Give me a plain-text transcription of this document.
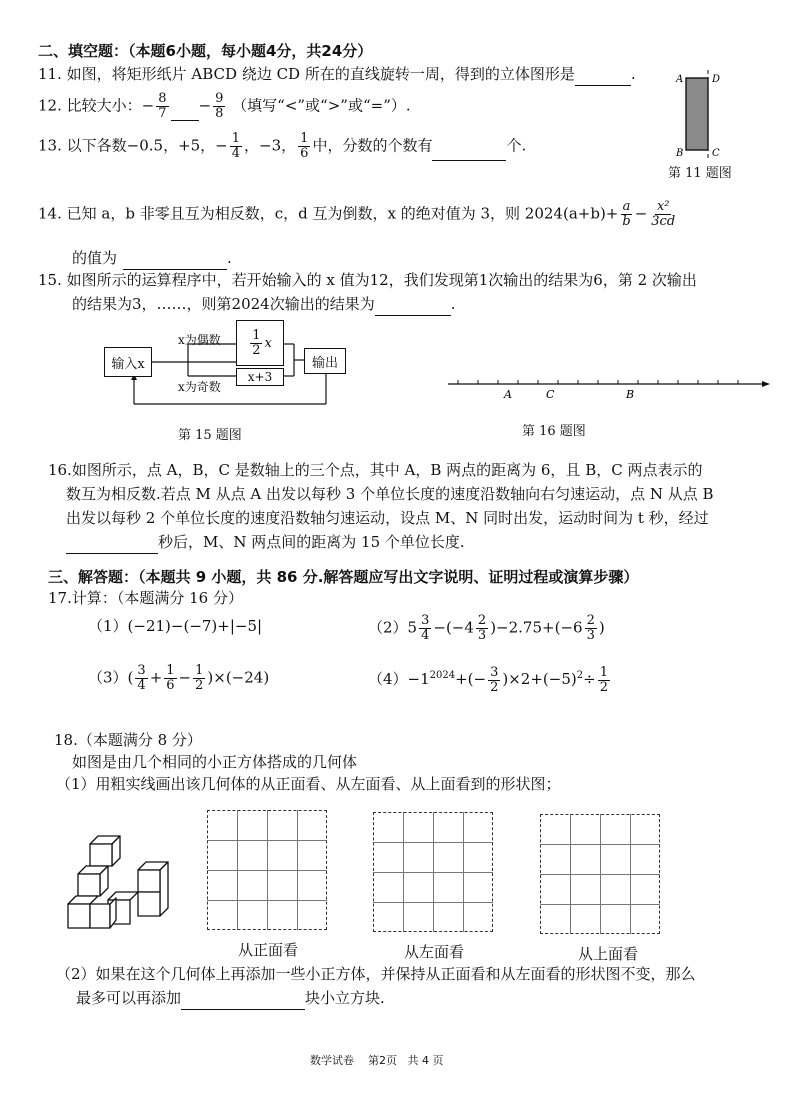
二、填空题：（本题6小题，每小题4分，共24分）
11. 如图，将矩形纸片 ABCD 绕边 CD 所在的直线旋转一周，得到的立体图形是	.	A	D
B	C
第 11 题图
12. 比较大小：− $\frac{8}{7} - \frac{9}{8}$ （填写“<”或“>”或“=”）.
13. 以下各数−0.5，+5，− $\frac{1}{4}$ ，−3， $\frac{1}{6}$ 中，分数的个数有	个.
14. 已知 a，b 非零且互为相反数，c，d 互为倒数，x 的绝对值为 3，则 $2024(a+b)+ \frac{a}{b} - \frac{\text{x²}}{3cd}$
的值为	.
15. 如图所示的运算程序中，若开始输入的 x 值为12，我们发现第1次输出的结果为6，第 2 次输出
的结果为3，……，则第2024次输出的结果为	.
输入x
x为偶数 $\frac{1}{2}$ x
x+3
x为奇数
输出
第 15 题图
A	C	B
第 16 题图
16.如图所示，点 A，B，C 是数轴上的三个点，其中 A，B 两点的距离为 6，且 B，C 两点表示的
数互为相反数.若点 M 从点 A 出发以每秒 3 个单位长度的速度沿数轴向右匀速运动，点 N 从点 B
出发以每秒 2 个单位长度的速度沿数轴匀速运动，设点 M、N 同时出发，运动时间为 t 秒，经过
秒后，M、N 两点间的距离为 15 个单位长度.
三、解答题：（本题共 9 小题，共 86 分.解答题应写出文字说明、证明过程或演算步骤）
17.计算：（本题满分 16 分）
（1）(−21)−(−7)+|−5|	$(2)5 \frac{3}{4} -(-4 \frac{2}{3} )-2.75+(-6 \frac{2}{3}$ )
$(3)( \frac{3}{4} + \frac{1}{6} - \frac{1}{2} )\times(-24)$	$(4)-1^{2024}+(- \frac{3}{2} )\times 2+(-5)^2\div \frac{1}{2}$
18.（本题满分 8 分）
如图是由几个相同的小正方体搭成的几何体
（1）用粗实线画出该几何体的从正面看、从左面看、从上面看到的形状图；
从正面看	从左面看	从上面看
（2）如果在这个几何体上再添加一些小正方体，并保持从正面看和从左面看的形状图不变，那么
最多可以再添加	块小立方块.
数学试卷 第2页 共 4 页
